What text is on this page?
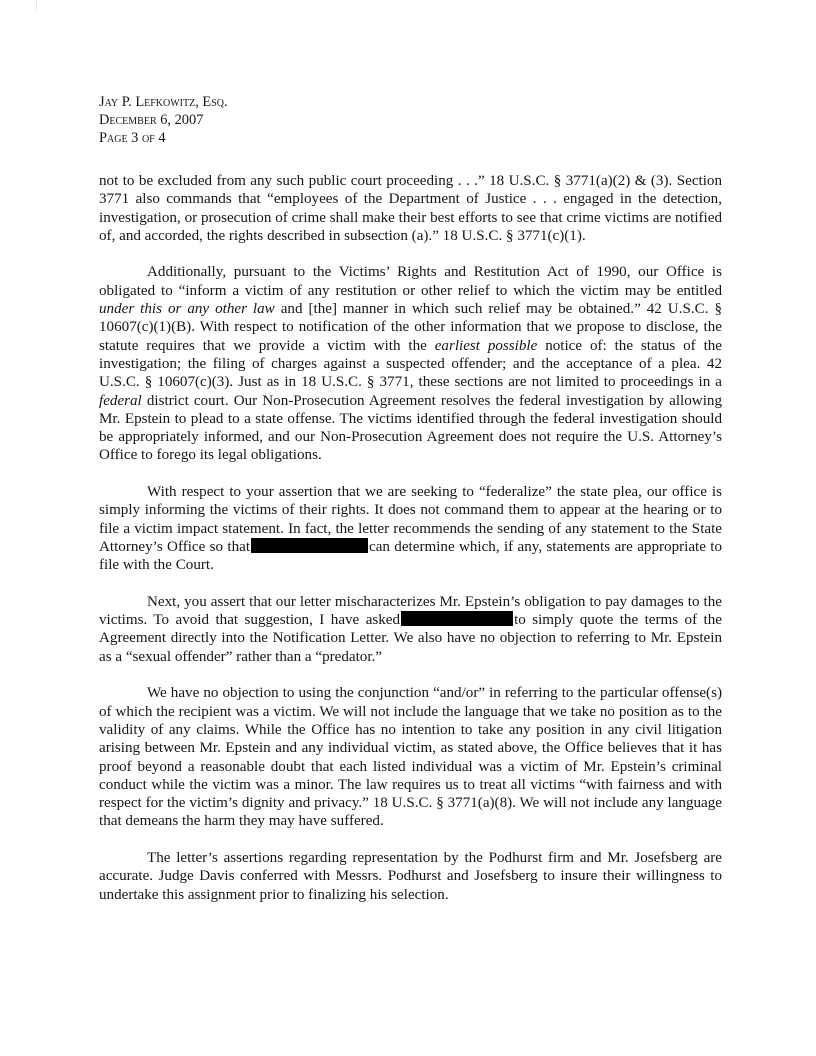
Jay P. Lefkowitz, Esq.
December 6, 2007
Page 3 of 4

not to be excluded from any such public court proceeding . . .” 18 U.S.C. § 3771(a)(2) & (3). Section 3771 also commands that “employees of the Department of Justice . . . engaged in the detection, investigation, or prosecution of crime shall make their best efforts to see that crime victims are notified of, and accorded, the rights described in subsection (a).” 18 U.S.C. § 3771(c)(1).

Additionally, pursuant to the Victims’ Rights and Restitution Act of 1990, our Office is obligated to “inform a victim of any restitution or other relief to which the victim may be entitled under this or any other law and [the] manner in which such relief may be obtained.” 42 U.S.C. § 10607(c)(1)(B). With respect to notification of the other information that we propose to disclose, the statute requires that we provide a victim with the earliest possible notice of: the status of the investigation; the filing of charges against a suspected offender; and the acceptance of a plea. 42 U.S.C. § 10607(c)(3). Just as in 18 U.S.C. § 3771, these sections are not limited to proceedings in a federal district court. Our Non-Prosecution Agreement resolves the federal investigation by allowing Mr. Epstein to plead to a state offense. The victims identified through the federal investigation should be appropriately informed, and our Non-Prosecution Agreement does not require the U.S. Attorney’s Office to forego its legal obligations.

With respect to your assertion that we are seeking to “federalize” the state plea, our office is simply informing the victims of their rights. It does not command them to appear at the hearing or to file a victim impact statement. In fact, the letter recommends the sending of any statement to the State Attorney’s Office so that	can determine which, if any, statements are appropriate to file with the Court.

Next, you assert that our letter mischaracterizes Mr. Epstein’s obligation to pay damages to the victims. To avoid that suggestion, I have asked	to simply quote the terms of the Agreement directly into the Notification Letter. We also have no objection to referring to Mr. Epstein as a “sexual offender” rather than a “predator.”

We have no objection to using the conjunction “and/or” in referring to the particular offense(s) of which the recipient was a victim. We will not include the language that we take no position as to the validity of any claims. While the Office has no intention to take any position in any civil litigation arising between Mr. Epstein and any individual victim, as stated above, the Office believes that it has proof beyond a reasonable doubt that each listed individual was a victim of Mr. Epstein’s criminal conduct while the victim was a minor. The law requires us to treat all victims “with fairness and with respect for the victim’s dignity and privacy.” 18 U.S.C. § 3771(a)(8). We will not include any language that demeans the harm they may have suffered.

The letter’s assertions regarding representation by the Podhurst firm and Mr. Josefsberg are accurate. Judge Davis conferred with Messrs. Podhurst and Josefsberg to insure their willingness to undertake this assignment prior to finalizing his selection.
